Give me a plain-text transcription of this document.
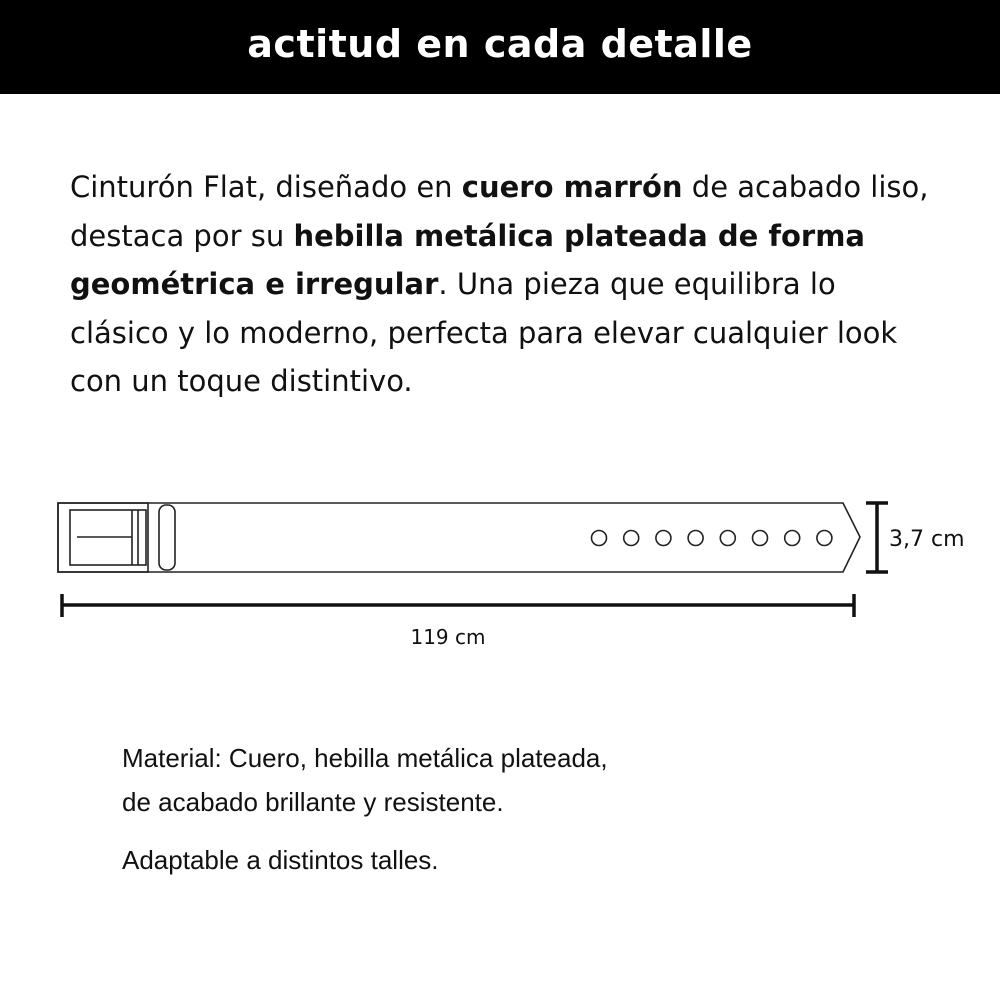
actitud en cada detalle
Cinturón Flat, diseñado en cuero marrón de acabado liso, destaca por su hebilla metálica plateada de forma geométrica e irregular. Una pieza que equilibra lo clásico y lo moderno, perfecta para elevar cualquier look con un toque distintivo.
3,7 cm
119 cm
Material: Cuero, hebilla metálica plateada,
de acabado brillante y resistente.
Adaptable a distintos talles.
